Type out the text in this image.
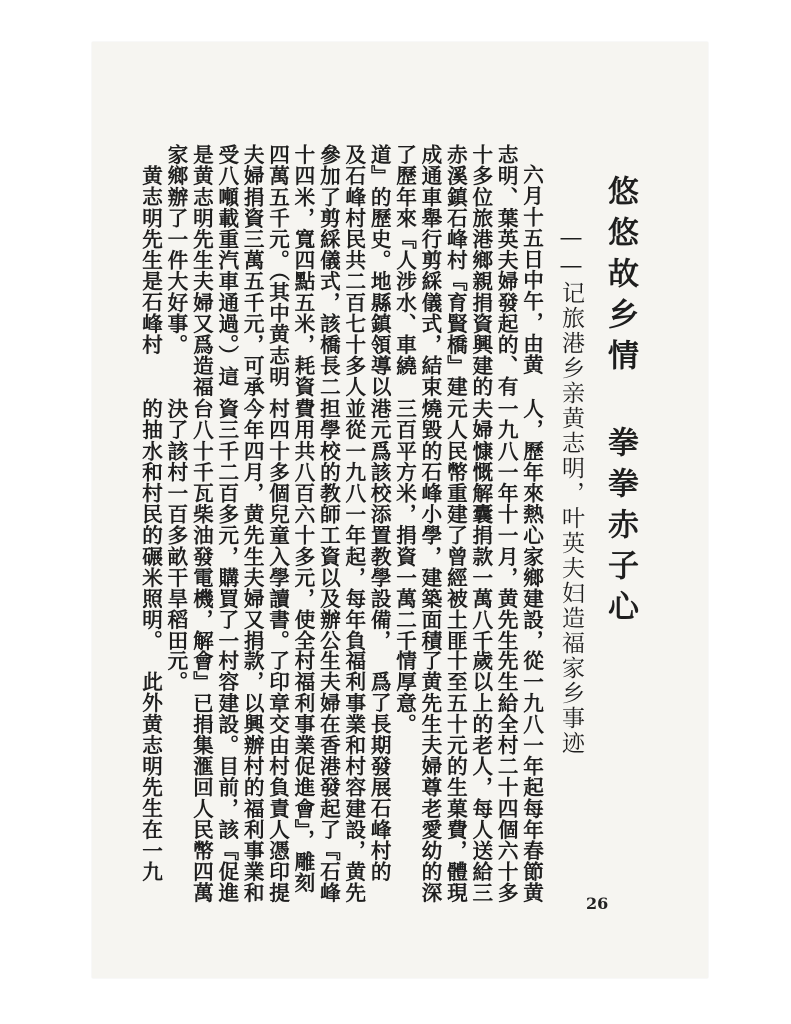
悠悠故乡情 拳拳赤子心
——记旅港乡亲黄志明，叶英夫妇造福家乡事迹
六月十五日中午，由黄
志明、葉英夫婦發起的、有
十多位旅港鄉親捐資興建的
赤溪鎮石峰村『育賢橋』建
成通車舉行剪綵儀式，結束
了歷年來『人涉水、車繞
道』的歷史。地縣鎮領導以
及石峰村民共二百七十多人
參加了剪綵儀式，該橋長二
十四米，寬四點五米，耗資
四萬五千元。（其中黄志明
夫婦捐資三萬五千元，可承
受八噸載重汽車通過。）這
是黄志明先生夫婦又爲造福
家鄉辦了一件大好事。
黄志明先生是石峰村
人，歷年來熱心家鄉建設，
一九八一年十一月，黄先生
夫婦慷慨解囊捐款一萬八千
元人民幣重建了曾經被土匪
燒毀的石峰小學，建築面積
三百平方米，捐資一萬二千
港元爲該校添置教學設備，
並從一九八一年起，每年負
担學校的教師工資以及辦公
費用共八百六十多元，使全
村四十多個兒童入學讀書。
今年四月，黄先生夫婦又捐
資三千二百多元，購買了一
台八十千瓦柴油發電機，解
決了該村一百多畝干旱稻田
的抽水和村民的碾米照明。
從一九八一年起每年春節黄
先生給全村二十四個六十多
歲以上的老人，每人送給三
十至五十元的生菓費，體現
了黄先生夫婦尊老愛幼的深
情厚意。
爲了長期發展石峰村的
福利事業和村容建設，黄先
生夫婦在香港發起了『石峰
村福利事業促進會』，雕刻
了印章交由村負責人憑印提
款，以興辦村的福利事業和
村容建設。目前，該『促進
會』已捐集滙回人民幣四萬
元。
此外黄志明先生在一九
26
